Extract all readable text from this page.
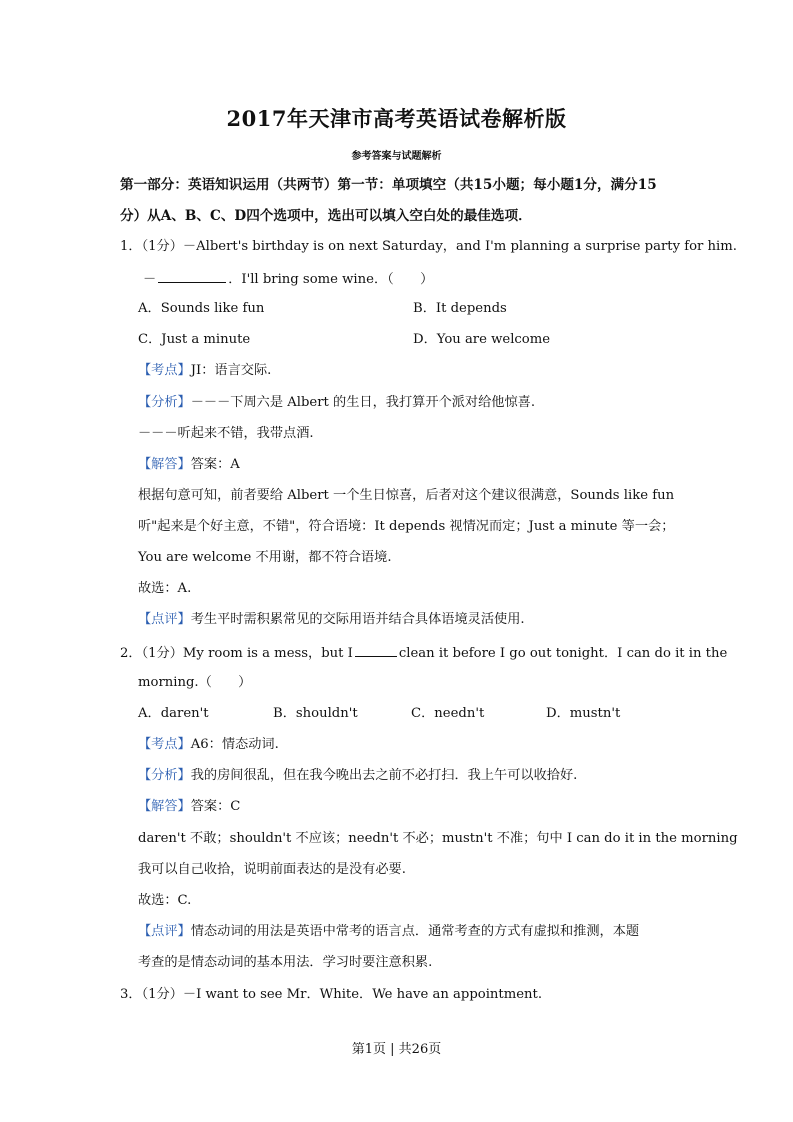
2017年天津市高考英语试卷解析版
参考答案与试题解析
第一部分：英语知识运用（共两节）第一节：单项填空（共15小题；每小题1分，满分15
分）从A、B、C、D四个选项中，选出可以填入空白处的最佳选项．
1．（1分）－Albert's birthday is on next Saturday，and I'm planning a surprise party for him.
－	．I'll bring some wine．（　　）
A．Sounds like fun	B．It depends
C．Just a minute	D．You are welcome
【考点】JI：语言交际.
【分析】－－－下周六是 Albert 的生日，我打算开个派对给他惊喜.
－－－听起来不错，我带点酒.
【解答】答案：A
根据句意可知，前者要给 Albert 一个生日惊喜，后者对这个建议很满意，Sounds like fun
听"起来是个好主意，不错"，符合语境：It depends 视情况而定；Just a minute 等一会；
You are welcome 不用谢，都不符合语境.
故选：A.
【点评】考生平时需积累常见的交际用语并结合具体语境灵活使用.
2．（1分）My room is a mess，but I	clean it before I go out tonight．I can do it in the
morning.（　　）
A．daren't	B．shouldn't	C．needn't	D．mustn't
【考点】A6：情态动词.
【分析】我的房间很乱，但在我今晚出去之前不必打扫．我上午可以收拾好.
【解答】答案：C
daren't 不敢；shouldn't 不应该；needn't 不必；mustn't 不准；句中 I can do it in the morning
我可以自己收拾，说明前面表达的是没有必要.
故选：C.
【点评】情态动词的用法是英语中常考的语言点．通常考查的方式有虚拟和推测，本题
考查的是情态动词的基本用法．学习时要注意积累.
3．（1分）－I want to see Mr．White．We have an appointment.
第1页 | 共26页
